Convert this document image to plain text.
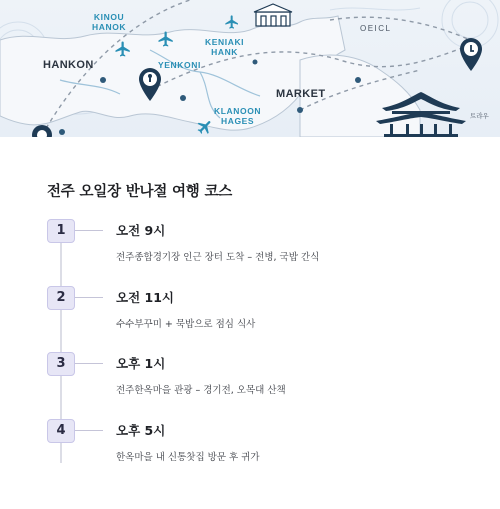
KINOU
HANOK
HANKON	YENKONI
KENIAKI
HANK
MARKET
OEICL
KLANOON
HAGES	트랴우
전주 오일장 반나절 여행 코스
1	오전 9시
전주종합경기장 인근 장터 도착 – 전병, 국밥 간식
2	오전 11시
수수부꾸미 + 묵밥으로 점심 식사
3	오후 1시
전주한옥마을 관광 – 경기전, 오목대 산책
4	오후 5시
한옥마을 내 신통찻집 방문 후 귀가
